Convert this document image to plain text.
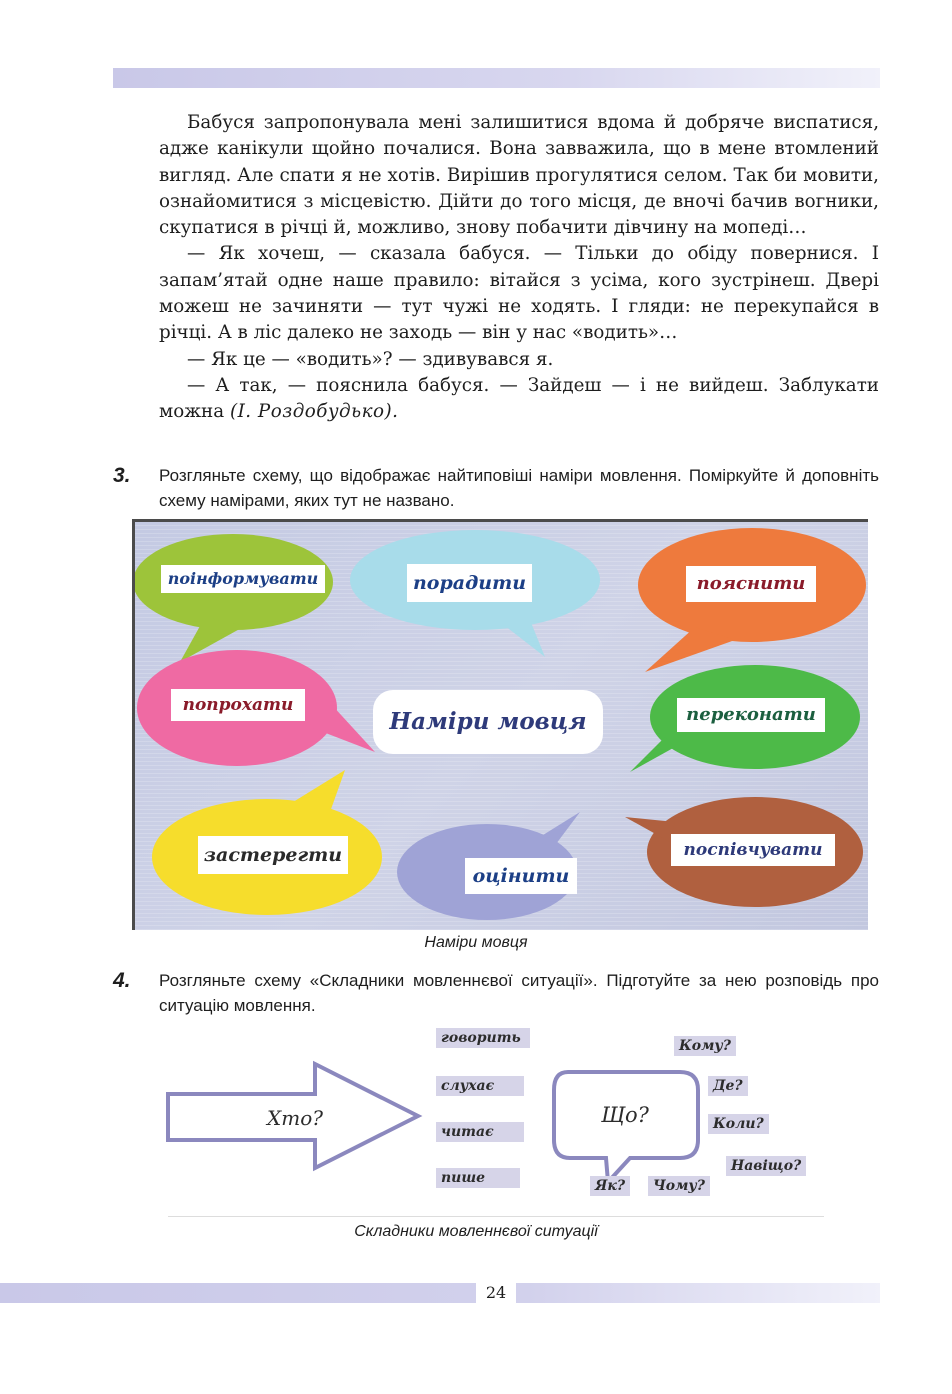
Бабуся запропонувала мені залишитися вдома й добряче виспатися, адже канікули щойно почалися. Вона завважила, що в мене втомлений вигляд. Але спати я не хотів. Вирішив прогулятися селом. Так би мовити, ознайомитися з місцевістю. Дійти до того місця, де вночі бачив вогники, скупатися в річці й, можливо, знову побачити дівчину на мопеді…

— Як хочеш, — сказала бабуся. — Тільки до обіду повернися. І запам’ятай одне наше правило: вітайся з усіма, кого зустрінеш. Двері можеш не зачиняти — тут чужі не ходять. І гляди: не перекупайся в річці. А в ліс далеко не заходь — він у нас «водить»…

— Як це — «водить»? — здивувався я.

— А так, — пояснила бабуся. — Зайдеш — і не вийдеш. Заблукати можна (І. Роздобудько).

3. Розгляньте схему, що відображає найтиповіші наміри мовлення. Поміркуйте й доповніть схему намірами, яких тут не названо.
поінформувати	порадити	пояснити
попрохати
Наміри мовця	переконати
застерегти
оцінити
поспівчувати
Наміри мовця
4. Розгляньте схему «Складники мовленнєвої ситуації». Підготуйте за нею розповідь про ситуацію мовлення.
Хто?	Що?
говорить
слухає
читає
пише
Кому?
Де?
Коли?
Навіщо?
Як?	Чому?
Складники мовленнєвої ситуації
24
